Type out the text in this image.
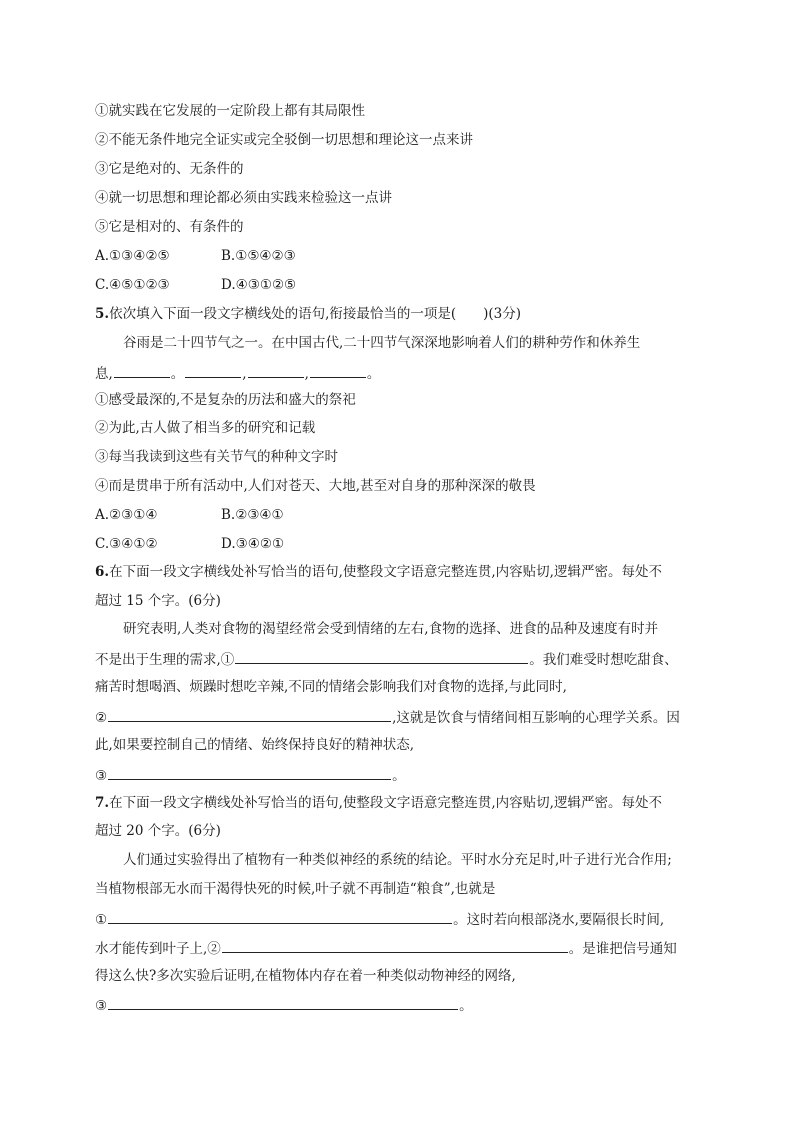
①就实践在它发展的一定阶段上都有其局限性
②不能无条件地完全证实或完全驳倒一切思想和理论这一点来讲
③它是绝对的、无条件的
④就一切思想和理论都必须由实践来检验这一点讲
⑤它是相对的、有条件的
A.①③④②⑤	B.①⑤④②③
C.④⑤①②③	D.④③①②⑤
5.依次填入下面一段文字横线处的语句,衔接最恰当的一项是(　　)(3分)
谷雨是二十四节气之一。在中国古代,二十四节气深深地影响着人们的耕种劳作和休养生
息,	。	,	,	。
①感受最深的,不是复杂的历法和盛大的祭祀
②为此,古人做了相当多的研究和记载
③每当我读到这些有关节气的种种文字时
④而是贯串于所有活动中,人们对苍天、大地,甚至对自身的那种深深的敬畏
A.②③①④	B.②③④①
C.③④①②	D.③④②①
6.在下面一段文字横线处补写恰当的语句,使整段文字语意完整连贯,内容贴切,逻辑严密。每处不
超过 15 个字。(6分)
研究表明,人类对食物的渴望经常会受到情绪的左右,食物的选择、进食的品种及速度有时并
不是出于生理的需求,①	。我们难受时想吃甜食、
痛苦时想喝酒、烦躁时想吃辛辣,不同的情绪会影响我们对食物的选择,与此同时,
②	,这就是饮食与情绪间相互影响的心理学关系。因
此,如果要控制自己的情绪、始终保持良好的精神状态,
③	。
7.在下面一段文字横线处补写恰当的语句,使整段文字语意完整连贯,内容贴切,逻辑严密。每处不
超过 20 个字。(6分)
人们通过实验得出了植物有一种类似神经的系统的结论。平时水分充足时,叶子进行光合作用;
当植物根部无水而干渴得快死的时候,叶子就不再制造“粮食”,也就是
①	。这时若向根部浇水,要隔很长时间,
水才能传到叶子上,②	。是谁把信号通知
得这么快?多次实验后证明,在植物体内存在着一种类似动物神经的网络,
③	。
